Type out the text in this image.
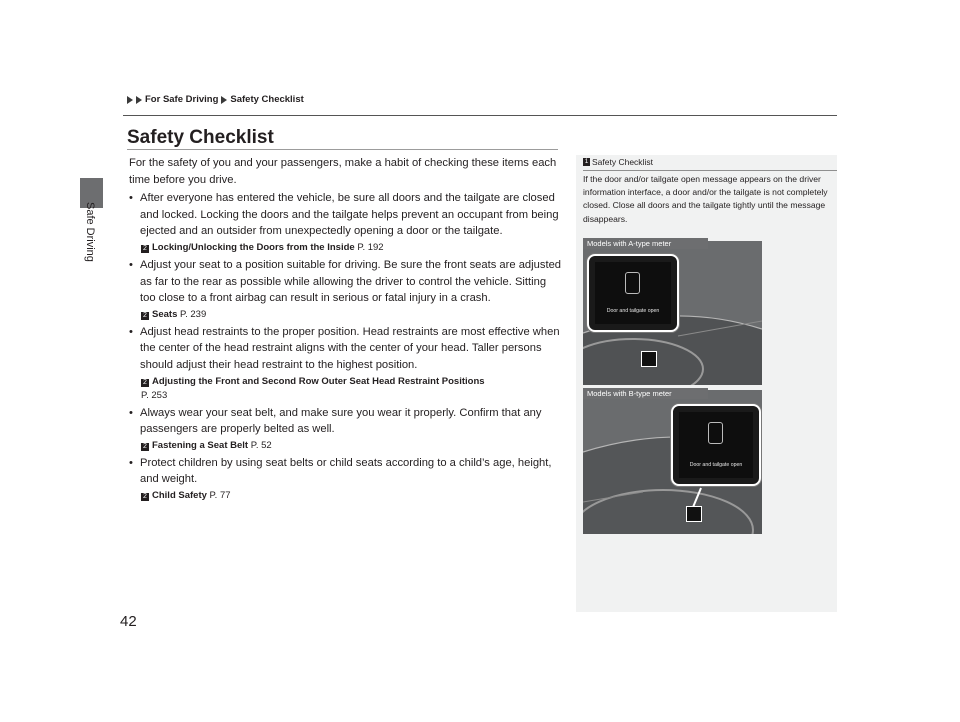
For Safe Driving Safety Checklist
Safe Driving
Safety Checklist

For the safety of you and your passengers, make a habit of checking these items each time before you drive.

• After everyone has entered the vehicle, be sure all doors and the tailgate are closed and locked. Locking the doors and the tailgate helps prevent an occupant from being ejected and an outsider from unexpectedly opening a door or the tailgate.
2 Locking/Unlocking the Doors from the Inside P. 192
• Adjust your seat to a position suitable for driving. Be sure the front seats are adjusted as far to the rear as possible while allowing the driver to control the vehicle. Sitting too close to a front airbag can result in serious or fatal injury in a crash.
2 Seats P. 239
• Adjust head restraints to the proper position. Head restraints are most effective when the center of the head restraint aligns with the center of your head. Taller persons should adjust their head restraint to the highest position.
2 Adjusting the Front and Second Row Outer Seat Head Restraint Positions
P. 253
• Always wear your seat belt, and make sure you wear it properly. Confirm that any passengers are properly belted as well.
2 Fastening a Seat Belt P. 52
• Protect children by using seat belts or child seats according to a child’s age, height, and weight.
2 Child Safety P. 77
1 Safety Checklist
If the door and/or tailgate open message appears on the driver information interface, a door and/or the tailgate is not completely closed. Close all doors and the tailgate tightly until the message disappears.
Door and tailgate open
Models with A-type meter
Door and tailgate open
Models with B-type meter
42
